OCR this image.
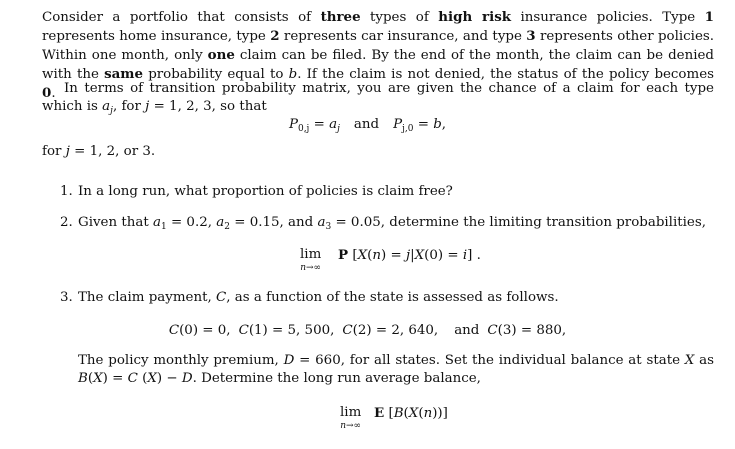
Consider a portfolio that consists of three types of high risk insurance policies. Type 1 represents home insurance, type 2 represents car insurance, and type 3 represents other policies. Within one month, only one claim can be filed. By the end of the month, the claim can be denied with the same probability equal to b. If the claim is not denied, the status of the policy becomes 0. In terms of transition probability matrix, you are given the chance of a claim for each type which is $a_j$, for j = 1, 2, 3, so that

$P_{0,j} = a_j$ and $P_{j,0} = b$,
for j = 1, 2, or 3.
1. In a long run, what proportion of policies is claim free?
2. Given that $a_1 = 0.2$, $a_2 = 0.15$, and $a_3 = 0.05$, determine the limiting transition probabilities,
lim
n→∞
P [X(n) = j|X(0) = i] .
3. The claim payment, C, as a function of the state is assessed as follows.
C(0) = 0, C(1) = 5, 500, C(2) = 2, 640, and C(3) = 880,

The policy monthly premium, D = 660, for all states. Set the individual balance at state X as B(X) = C (X) − D. Determine the long run average balance,

lim
n→∞
E [B(X(n))]
